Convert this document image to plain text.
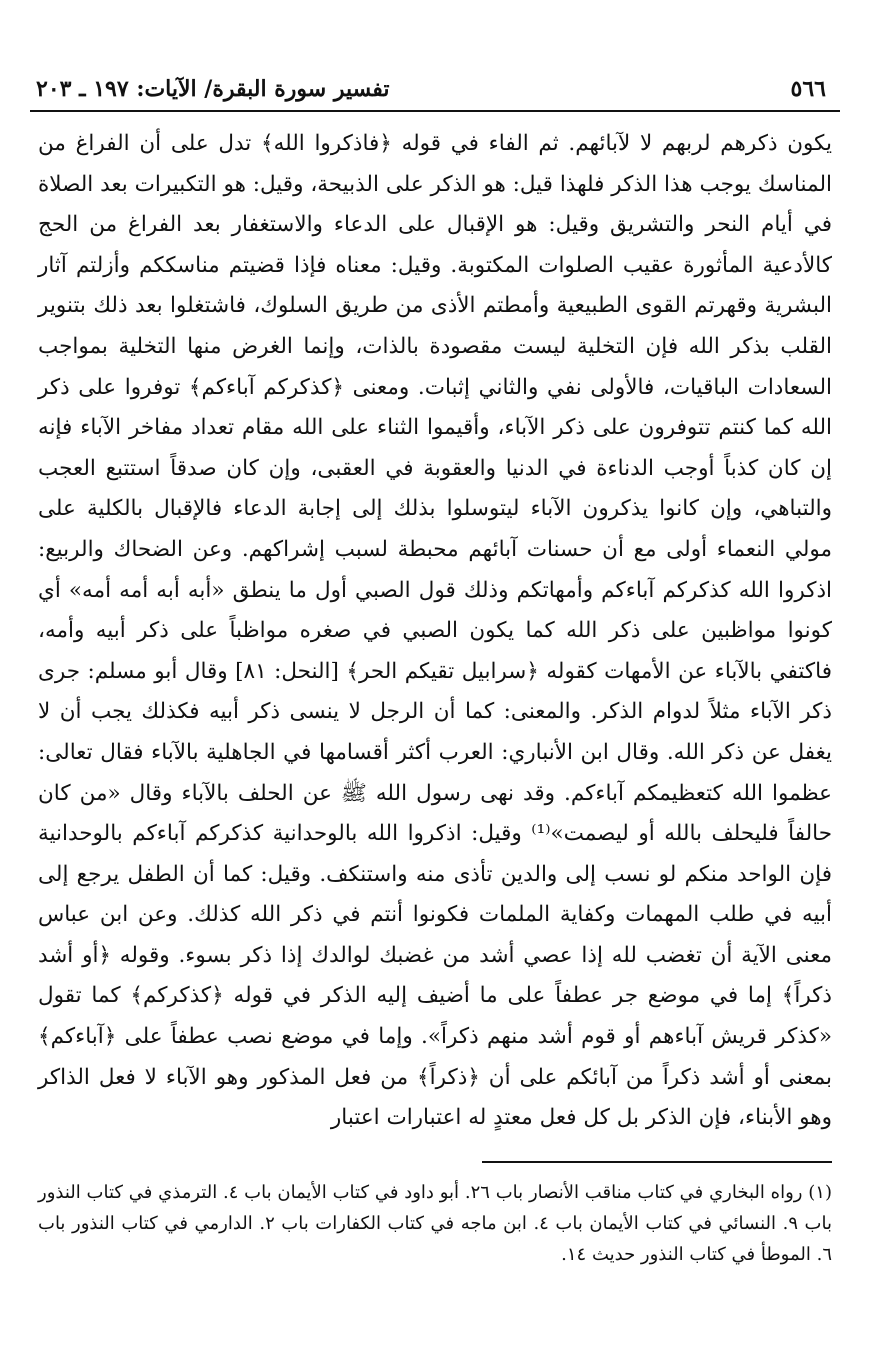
٥٦٦
تفسير سورة البقرة/ الآيات: ١٩٧ ـ ٢٠٣

يكون ذكرهم لربهم لا لآبائهم. ثم الفاء في قوله ﴿فاذكروا الله﴾ تدل على أن الفراغ من المناسك يوجب هذا الذكر فلهذا قيل: هو الذكر على الذبيحة، وقيل: هو التكبيرات بعد الصلاة في أيام النحر والتشريق وقيل: هو الإقبال على الدعاء والاستغفار بعد الفراغ من الحج كالأدعية المأثورة عقيب الصلوات المكتوبة. وقيل: معناه فإذا قضيتم مناسككم وأزلتم آثار البشرية وقهرتم القوى الطبيعية وأمطتم الأذى من طريق السلوك، فاشتغلوا بعد ذلك بتنوير القلب بذكر الله فإن التخلية ليست مقصودة بالذات، وإنما الغرض منها التخلية بمواجب السعادات الباقيات، فالأولى نفي والثاني إثبات. ومعنى ﴿كذكركم آباءكم﴾ توفروا على ذكر الله كما كنتم تتوفرون على ذكر الآباء، وأقيموا الثناء على الله مقام تعداد مفاخر الآباء فإنه إن كان كذباً أوجب الدناءة في الدنيا والعقوبة في العقبى، وإن كان صدقاً استتبع العجب والتباهي، وإن كانوا يذكرون الآباء ليتوسلوا بذلك إلى إجابة الدعاء فالإقبال بالكلية على مولي النعماء أولى مع أن حسنات آبائهم محبطة لسبب إشراكهم. وعن الضحاك والربيع: اذكروا الله كذكركم آباءكم وأمهاتكم وذلك قول الصبي أول ما ينطق «أبه أبه أمه أمه» أي كونوا مواظبين على ذكر الله كما يكون الصبي في صغره مواظباً على ذكر أبيه وأمه، فاكتفي بالآباء عن الأمهات كقوله ﴿سرابيل تقيكم الحر﴾ [النحل: ٨١] وقال أبو مسلم: جرى ذكر الآباء مثلاً لدوام الذكر. والمعنى: كما أن الرجل لا ينسى ذكر أبيه فكذلك يجب أن لا يغفل عن ذكر الله. وقال ابن الأنباري: العرب أكثر أقسامها في الجاهلية بالآباء فقال تعالى: عظموا الله كتعظيمكم آباءكم. وقد نهى رسول الله ﷺ عن الحلف بالآباء وقال «من كان حالفاً فليحلف بالله أو ليصمت»⁽¹⁾ وقيل: اذكروا الله بالوحدانية كذكركم آباءكم بالوحدانية فإن الواحد منكم لو نسب إلى والدين تأذى منه واستنكف. وقيل: كما أن الطفل يرجع إلى أبيه في طلب المهمات وكفاية الملمات فكونوا أنتم في ذكر الله كذلك. وعن ابن عباس معنى الآية أن تغضب لله إذا عصي أشد من غضبك لوالدك إذا ذكر بسوء. وقوله ﴿أو أشد ذكراً﴾ إما في موضع جر عطفاً على ما أضيف إليه الذكر في قوله ﴿كذكركم﴾ كما تقول «كذكر قريش آباءهم أو قوم أشد منهم ذكراً». وإما في موضع نصب عطفاً على ﴿آباءكم﴾ بمعنى أو أشد ذكراً من آبائكم على أن ﴿ذكراً﴾ من فعل المذكور وهو الآباء لا فعل الذاكر وهو الأبناء، فإن الذكر بل كل فعل معتدٍ له اعتبارات اعتبار

(١) رواه البخاري في كتاب مناقب الأنصار باب ٢٦. أبو داود في كتاب الأيمان باب ٤. الترمذي في كتاب النذور باب ٩. النسائي في كتاب الأيمان باب ٤. ابن ماجه في كتاب الكفارات باب ٢. الدارمي في كتاب النذور باب ٦. الموطأ في كتاب النذور حديث ١٤.
